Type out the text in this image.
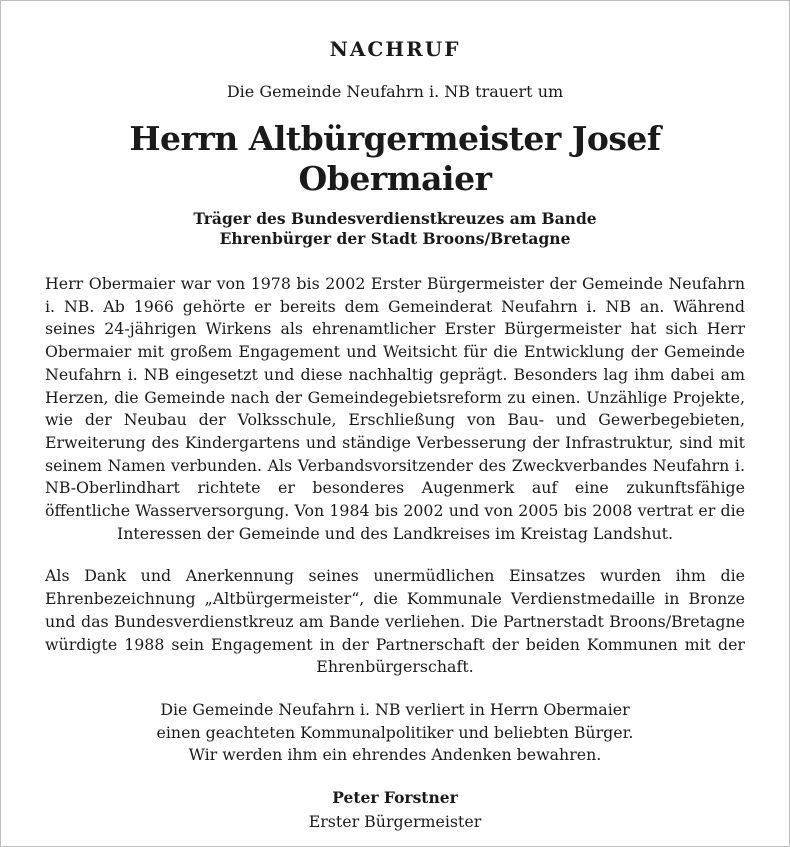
NACHRUF
Die Gemeinde Neufahrn i. NB trauert um
Herrn Altbürgermeister Josef Obermaier
Träger des Bundesverdienstkreuzes am Bande
Ehrenbürger der Stadt Broons/Bretagne

Herr Obermaier war von 1978 bis 2002 Erster Bürgermeister der Gemeinde Neufahrn i. NB. Ab 1966 gehörte er bereits dem Gemeinderat Neufahrn i. NB an. Während seines 24-jährigen Wirkens als ehrenamtlicher Erster Bürgermeister hat sich Herr Obermaier mit großem Engagement und Weitsicht für die Entwicklung der Gemeinde Neufahrn i. NB eingesetzt und diese nachhaltig geprägt. Besonders lag ihm dabei am Herzen, die Gemeinde nach der Gemeindegebietsreform zu einen. Unzählige Projekte, wie der Neubau der Volksschule, Erschließung von Bau- und Gewerbegebieten, Erweiterung des Kindergartens und ständige Verbesserung der Infrastruktur, sind mit seinem Namen verbunden. Als Verbandsvorsitzender des Zweckverbandes Neufahrn i. NB-Oberlindhart richtete er besonderes Augenmerk auf eine zukunftsfähige öffentliche Wasserversorgung. Von 1984 bis 2002 und von 2005 bis 2008 vertrat er die Interessen der Gemeinde und des Landkreises im Kreistag Landshut.

Als Dank und Anerkennung seines unermüdlichen Einsatzes wurden ihm die Ehrenbezeichnung „Altbürgermeister“, die Kommunale Verdienstmedaille in Bronze und das Bundesverdienstkreuz am Bande verliehen. Die Partnerstadt Broons/Bretagne würdigte 1988 sein Engagement in der Partnerschaft der beiden Kommunen mit der Ehrenbürgerschaft.

Die Gemeinde Neufahrn i. NB verliert in Herrn Obermaier
einen geachteten Kommunalpolitiker und beliebten Bürger.
Wir werden ihm ein ehrendes Andenken bewahren.
Peter Forstner
Erster Bürgermeister
